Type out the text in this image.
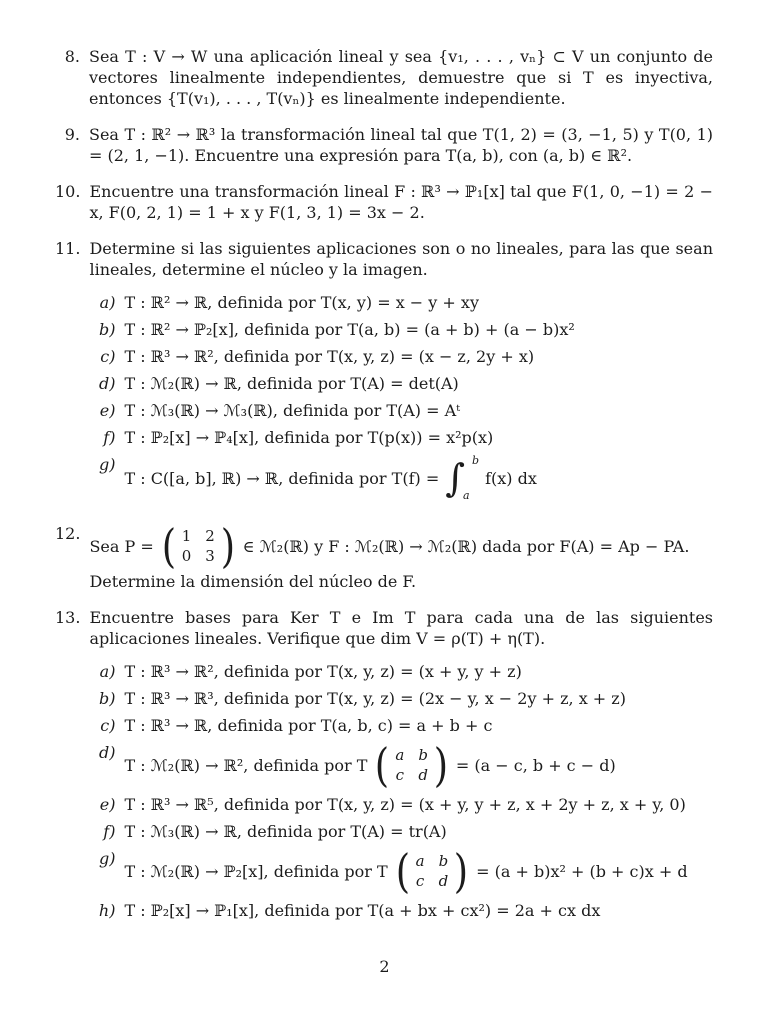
8. Sea T : V → W una aplicación lineal y sea {v₁, . . . , vₙ} ⊂ V un conjunto de vectores linealmente independientes, demuestre que si T es inyectiva, entonces {T(v₁), . . . , T(vₙ)} es linealmente independiente.
9. Sea T : ℝ² → ℝ³ la transformación lineal tal que T(1, 2) = (3, −1, 5) y T(0, 1) = (2, 1, −1). Encuentre una expresión para T(a, b), con (a, b) ∈ ℝ².
10. Encuentre una transformación lineal F : ℝ³ → ℙ₁[x] tal que F(1, 0, −1) = 2 − x, F(0, 2, 1) = 1 + x y F(1, 3, 1) = 3x − 2.
11. Determine si las siguientes aplicaciones son o no lineales, para las que sean lineales, determine el núcleo y la imagen.
a) T : ℝ² → ℝ, definida por T(x, y) = x − y + xy
b) T : ℝ² → ℙ₂[x], definida por T(a, b) = (a + b) + (a − b)x²
c) T : ℝ³ → ℝ², definida por T(x, y, z) = (x − z, 2y + x)
d) T : ℳ₂(ℝ) → ℝ, definida por T(A) = det(A)
e) T : ℳ₃(ℝ) → ℳ₃(ℝ), definida por T(A) = Aᵗ
f) T : ℙ₂[x] → ℙ₄[x], definida por T(p(x)) = x²p(x)
g)
T : C([a, b], ℝ) → ℝ, definida por T(f) = ∫ b
a
f(x) dx
12.
Sea P = ( 1 2
0 3 ) ∈ ℳ₂(ℝ) y F : ℳ₂(ℝ) → ℳ₂(ℝ) dada por F(A) = Ap − PA.
Determine la dimensión del núcleo de F.
13. Encuentre bases para Ker T e Im T para cada una de las siguientes aplicaciones lineales. Verifique que dim V = ρ(T) + η(T).
a) T : ℝ³ → ℝ², definida por T(x, y, z) = (x + y, y + z)
b) T : ℝ³ → ℝ³, definida por T(x, y, z) = (2x − y, x − 2y + z, x + z)
c) T : ℝ³ → ℝ, definida por T(a, b, c) = a + b + c
d)
T : ℳ₂(ℝ) → ℝ², definida por T ( a b
c d ) = (a − c, b + c − d)
e) T : ℝ³ → ℝ⁵, definida por T(x, y, z) = (x + y, y + z, x + 2y + z, x + y, 0)
f) T : ℳ₃(ℝ) → ℝ, definida por T(A) = tr(A)
g)
T : ℳ₂(ℝ) → ℙ₂[x], definida por T ( a b
c d ) = (a + b)x² + (b + c)x + d
h) T : ℙ₂[x] → ℙ₁[x], definida por T(a + bx + cx²) = 2a + cx dx
2
